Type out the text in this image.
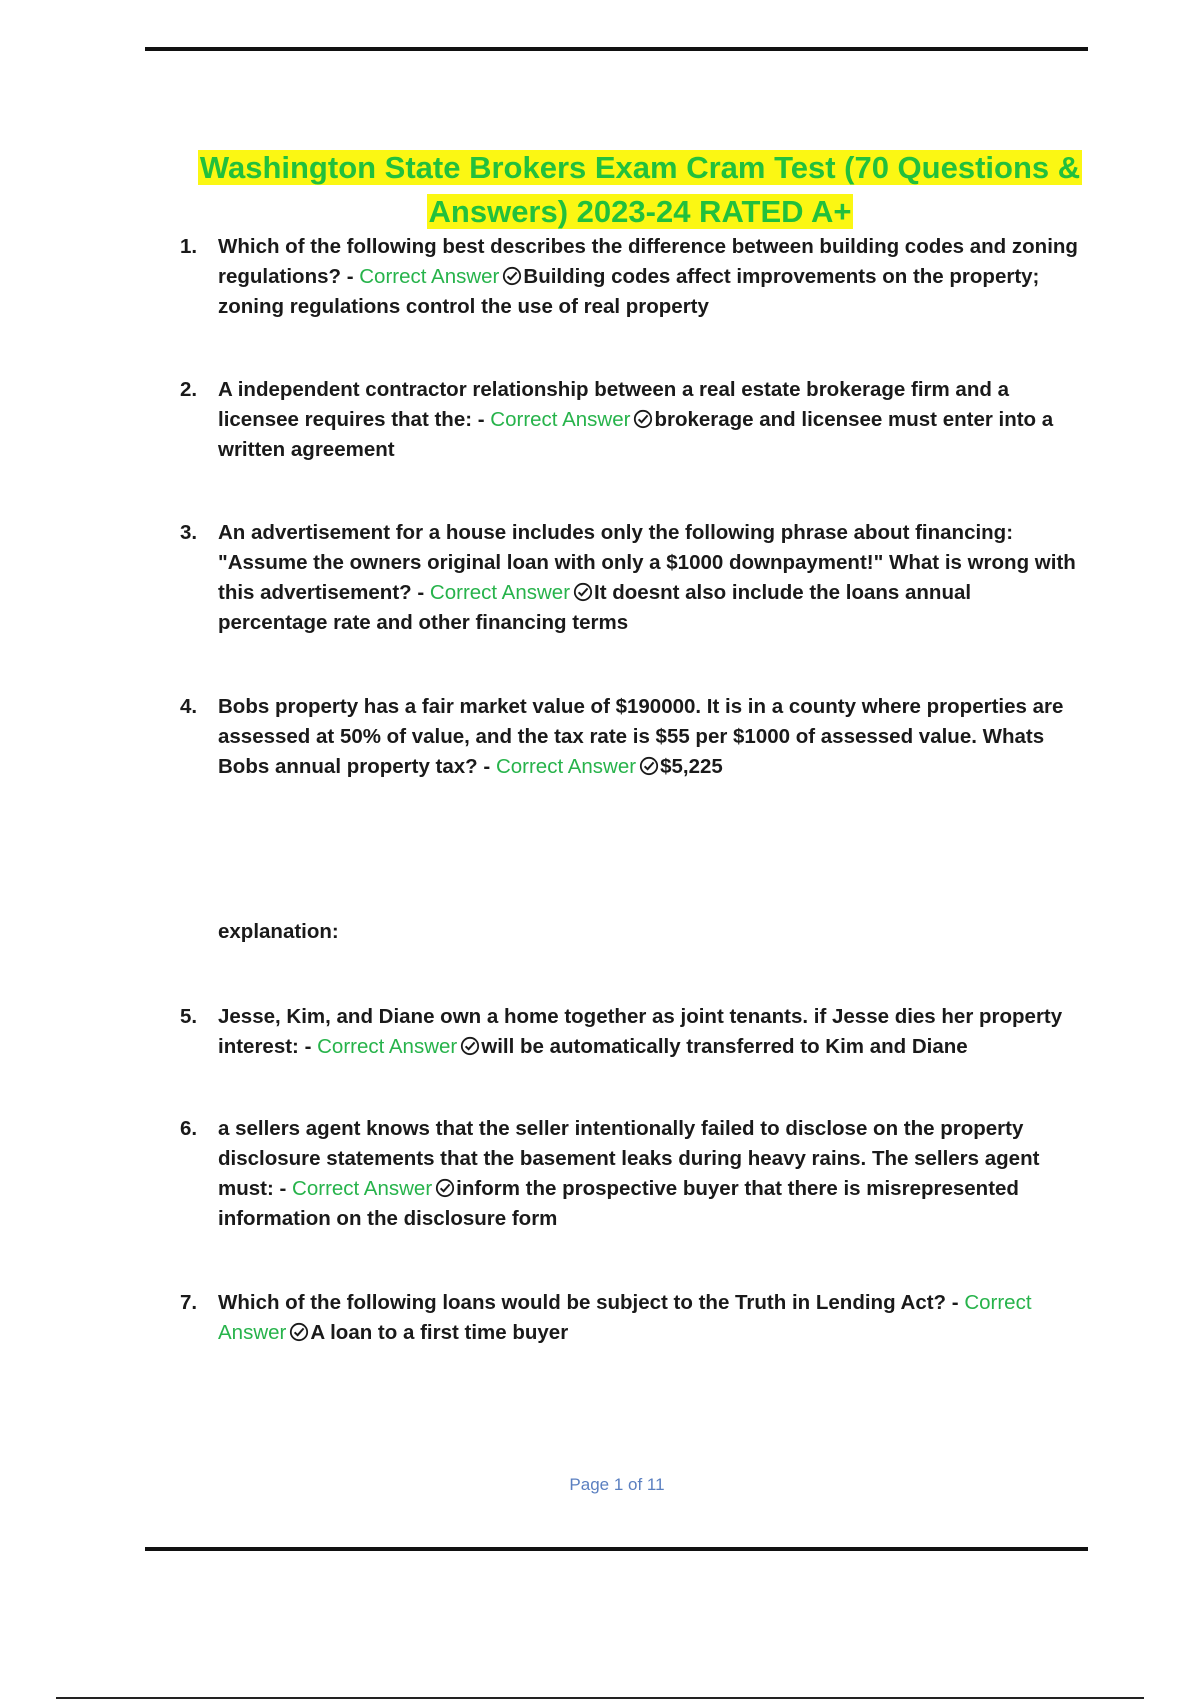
Washington State Brokers Exam Cram Test (70 Questions &
Answers) 2023-24 RATED A+
1.	Which of the following best describes the difference between building codes and zoning regulations? - Correct Answer Building codes affect improvements on the property; zoning regulations control the use of real property
2.	A independent contractor relationship between a real estate brokerage firm and a licensee requires that the: - Correct Answer brokerage and licensee must enter into a written agreement
3.	An advertisement for a house includes only the following phrase about financing: "Assume the owners original loan with only a $1000 downpayment!" What is wrong with this advertisement? - Correct Answer It doesnt also include the loans annual percentage rate and other financing terms
4.	Bobs property has a fair market value of $190000. It is in a county where properties are assessed at 50% of value, and the tax rate is $55 per $1000 of assessed value. Whats Bobs annual property tax? - Correct Answer $5,225
5.	Jesse, Kim, and Diane own a home together as joint tenants. if Jesse dies her property interest: - Correct Answer will be automatically transferred to Kim and Diane
6.	a sellers agent knows that the seller intentionally failed to disclose on the property disclosure statements that the basement leaks during heavy rains. The sellers agent must: - Correct Answer inform the prospective buyer that there is misrepresented information on the disclosure form
7.	Which of the following loans would be subject to the Truth in Lending Act? - Correct Answer A loan to a first time buyer
explanation:
Page 1 of 11
